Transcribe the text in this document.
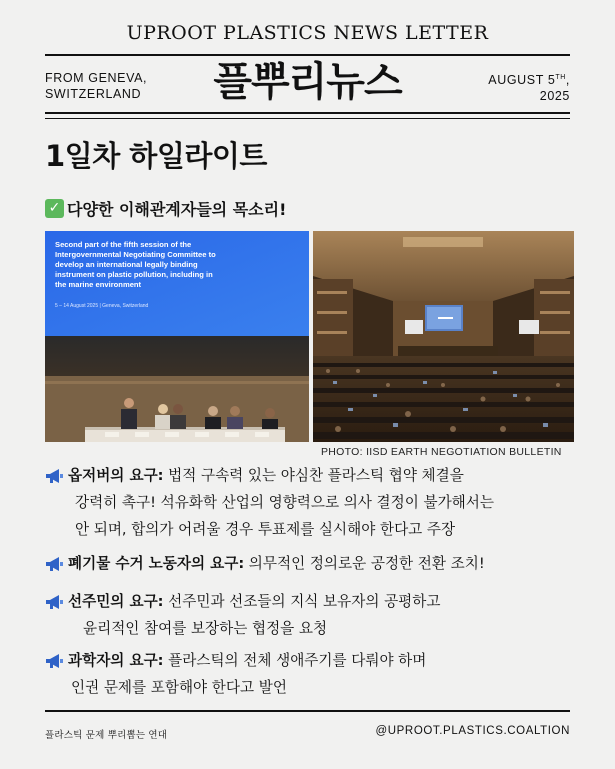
UPROOT PLASTICS NEWS LETTER
FROM GENEVA,
SWITZERLAND	플뿌리뉴스	AUGUST 5TH,
2025
1일차 하일라이트
✓ 다양한 이해관계자들의 목소리!
Second part of the fifth session of the Intergovernmental Negotiating Committee to develop an international legally binding instrument on plastic pollution, including in the marine environment
5 – 14 August 2025 | Geneva, Switzerland
PHOTO: IISD EARTH NEGOTIATION BULLETIN
옵저버의 요구: 법적 구속력 있는 야심찬 플라스틱 협약 체결을
강력히 촉구! 석유화학 산업의 영향력으로 의사 결정이 불가해서는
안 되며, 합의가 어려울 경우 투표제를 실시해야 한다고 주장
폐기물 수거 노동자의 요구: 의무적인 정의로운 공정한 전환 조치!
선주민의 요구: 선주민과 선조들의 지식 보유자의 공평하고
윤리적인 참여를 보장하는 협정을 요청
과학자의 요구: 플라스틱의 전체 생애주기를 다뤄야 하며
인권 문제를 포함해야 한다고 발언
플라스틱 문제 뿌리뽑는 연대	@UPROOT.PLASTICS.COALTION
